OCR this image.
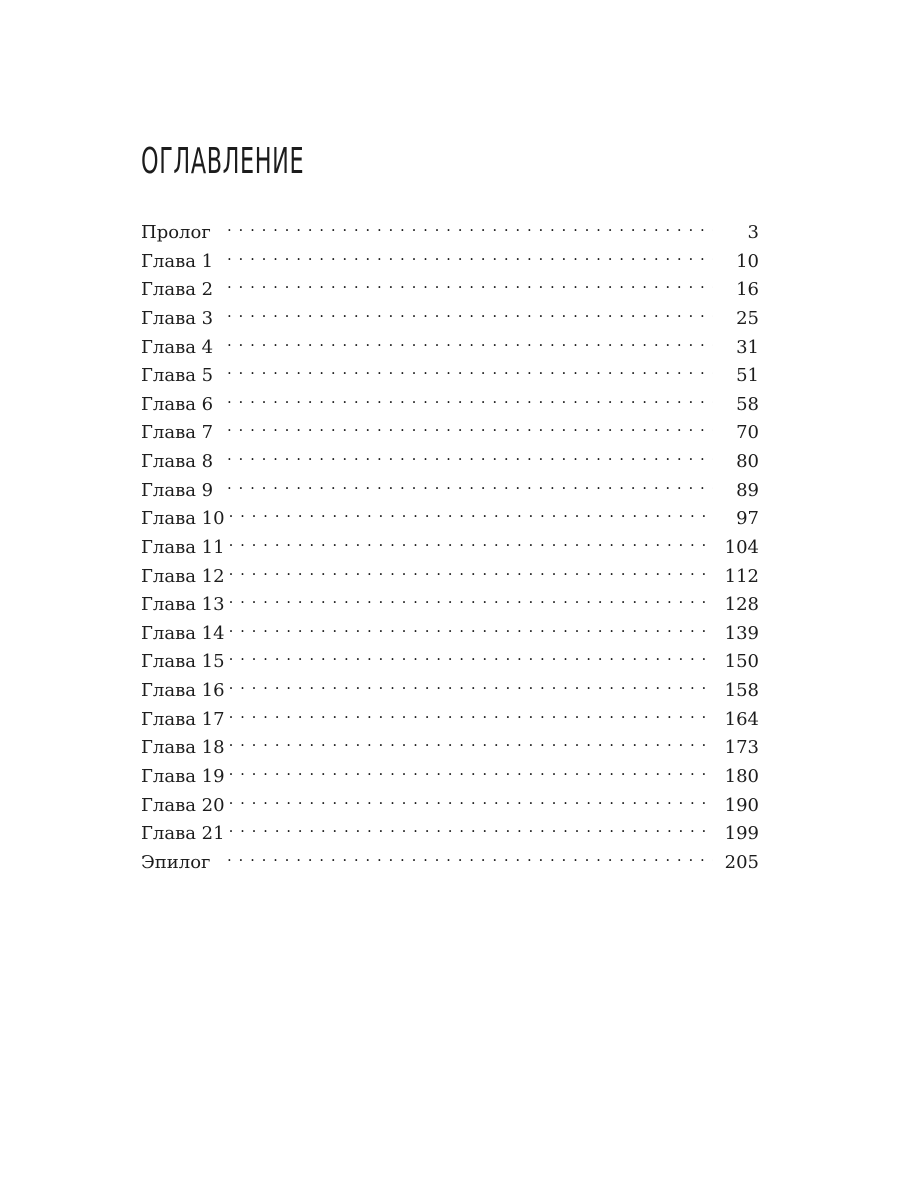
ОГЛАВЛЕНИЕ
Пролог . . .	3
Глава 1 . . .	10
Глава 2 . . .	16
Глава 3 . . .	25
Глава 4 . . .	31
Глава 5 . . .	51
Глава 6 . . .	58
Глава 7 . . .	70
Глава 8 . . .	80
Глава 9 . . .	89
Глава 10 . . .	97
Глава 11 . . .	104
Глава 12 . . .	112
Глава 13 . . .	128
Глава 14 . . .	139
Глава 15 . . .	150
Глава 16 . . .	158
Глава 17 . . .	164
Глава 18 . . .	173
Глава 19 . . .	180
Глава 20 . . .	190
Глава 21 . . .	199
Эпилог . . .	205
